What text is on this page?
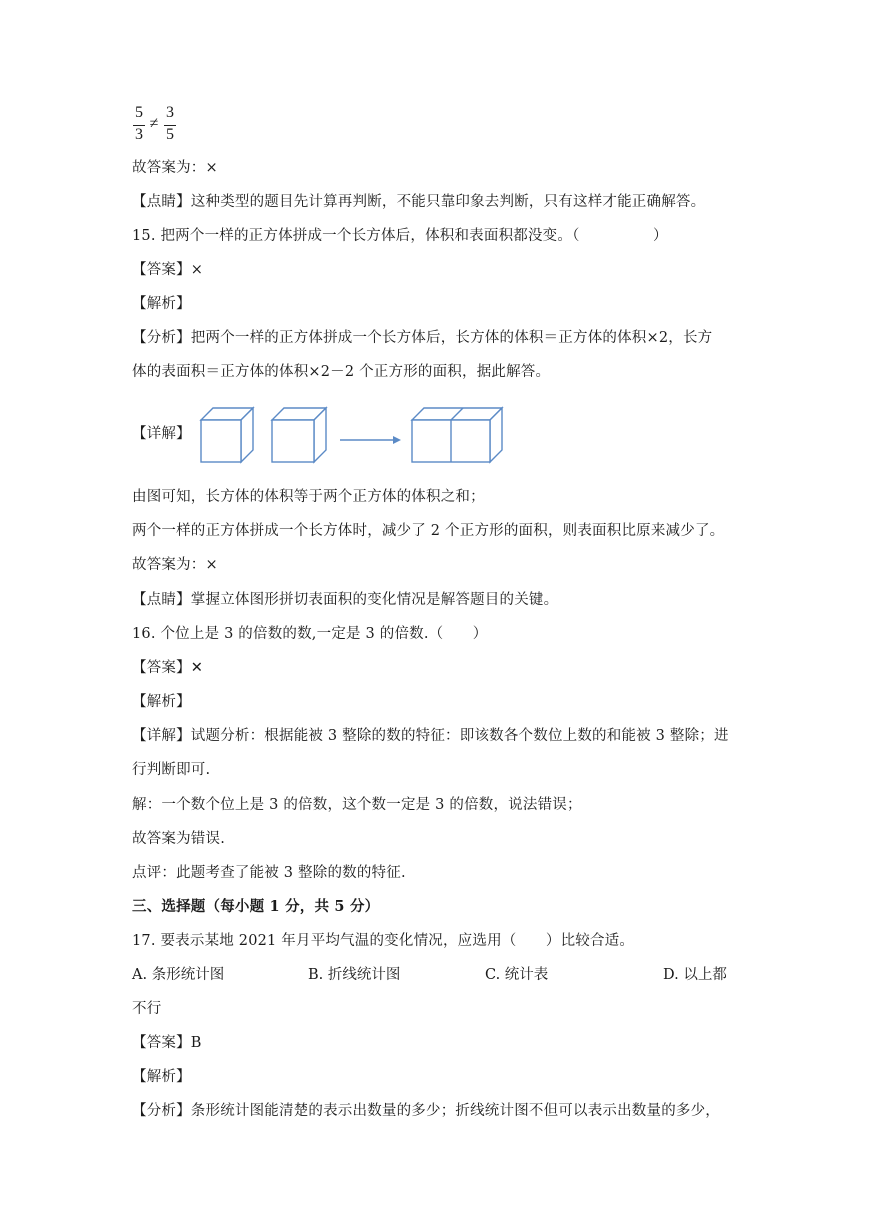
5
3
≠
3
5
故答案为：×
【点睛】这种类型的题目先计算再判断，不能只靠印象去判断，只有这样才能正确解答。
15. 把两个一样的正方体拼成一个长方体后，体积和表面积都没变。（　　　　　）
【答案】×
【解析】
【分析】把两个一样的正方体拼成一个长方体后，长方体的体积＝正方体的体积×2，长方
体的表面积＝正方体的体积×2－2 个正方形的面积，据此解答。
【详解】
由图可知，长方体的体积等于两个正方体的体积之和；
两个一样的正方体拼成一个长方体时，减少了 2 个正方形的面积，则表面积比原来减少了。
故答案为：×
【点睛】掌握立体图形拼切表面积的变化情况是解答题目的关键。
16. 个位上是 3 的倍数的数,一定是 3 的倍数.（　　）
【答案】✕
【解析】
【详解】试题分析：根据能被 3 整除的数的特征：即该数各个数位上数的和能被 3 整除；进
行判断即可.
解：一个数个位上是 3 的倍数，这个数一定是 3 的倍数，说法错误；
故答案为错误.
点评：此题考查了能被 3 整除的数的特征.
三、选择题（每小题 1 分，共 5 分）
17. 要表示某地 2021 年月平均气温的变化情况，应选用（　　）比较合适。
A. 条形统计图	B. 折线统计图	C. 统计表	D. 以上都
不行
【答案】B
【解析】
【分析】条形统计图能清楚的表示出数量的多少；折线统计图不但可以表示出数量的多少，
